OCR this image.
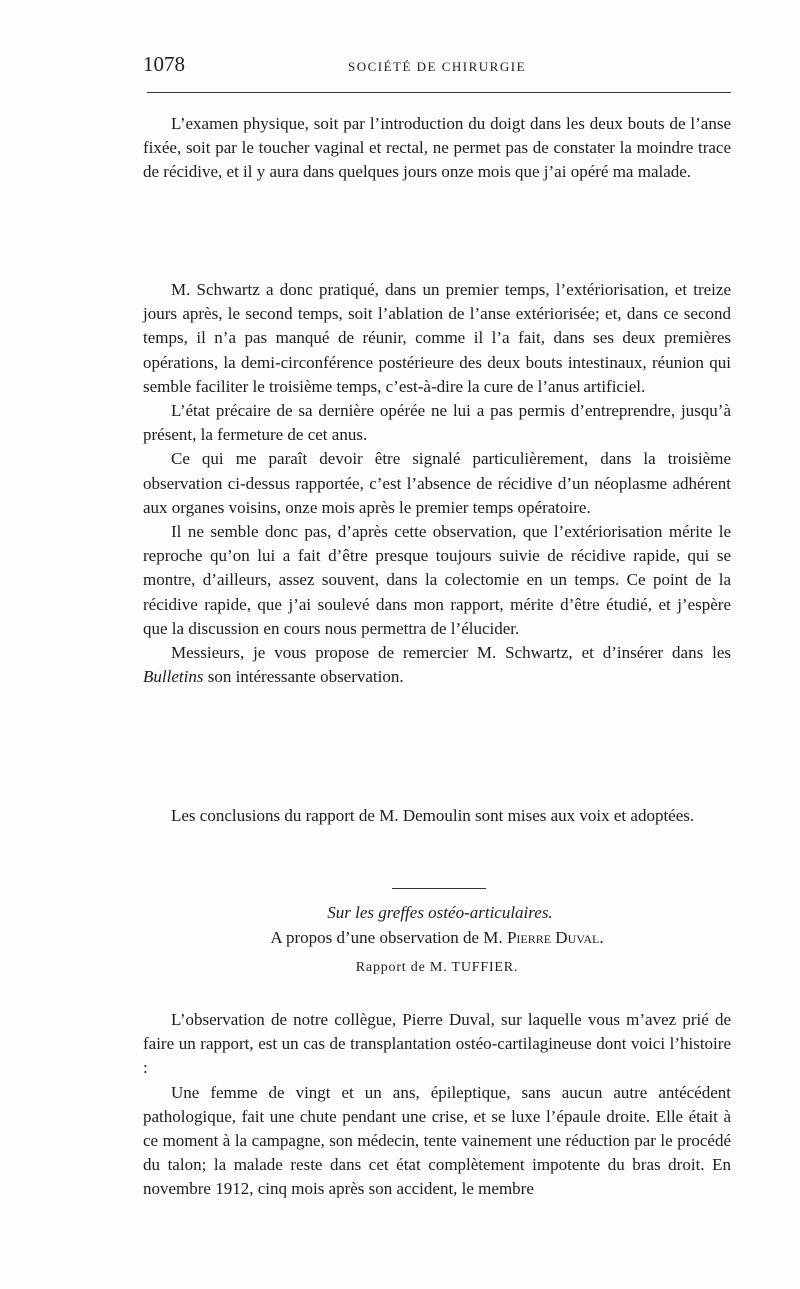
1078	SOCIÉTÉ DE CHIRURGIE

L’examen physique, soit par l’introduction du doigt dans les deux bouts de l’anse fixée, soit par le toucher vaginal et rectal, ne permet pas de constater la moindre trace de récidive, et il y aura dans quelques jours onze mois que j’ai opéré ma malade.

M. Schwartz a donc pratiqué, dans un premier temps, l’extériorisation, et treize jours après, le second temps, soit l’ablation de l’anse extériorisée; et, dans ce second temps, il n’a pas manqué de réunir, comme il l’a fait, dans ses deux premières opérations, la demi-circonférence postérieure des deux bouts intestinaux, réunion qui semble faciliter le troisième temps, c’est-à-dire la cure de l’anus artificiel.

L’état précaire de sa dernière opérée ne lui a pas permis d’entreprendre, jusqu’à présent, la fermeture de cet anus.

Ce qui me paraît devoir être signalé particulièrement, dans la troisième observation ci-dessus rapportée, c’est l’absence de récidive d’un néoplasme adhérent aux organes voisins, onze mois après le premier temps opératoire.

Il ne semble donc pas, d’après cette observation, que l’extériorisation mérite le reproche qu’on lui a fait d’être presque toujours suivie de récidive rapide, qui se montre, d’ailleurs, assez souvent, dans la colectomie en un temps. Ce point de la récidive rapide, que j’ai soulevé dans mon rapport, mérite d’être étudié, et j’espère que la discussion en cours nous permettra de l’élucider.

Messieurs, je vous propose de remercier M. Schwartz, et d’insérer dans les Bulletins son intéressante observation.

Les conclusions du rapport de M. Demoulin sont mises aux voix et adoptées.

Sur les greffes ostéo-articulaires.
A propos d’une observation de M. Pierre Duval.
Rapport de M. TUFFIER.

L’observation de notre collègue, Pierre Duval, sur laquelle vous m’avez prié de faire un rapport, est un cas de transplantation ostéo-cartilagineuse dont voici l’histoire :

Une femme de vingt et un ans, épileptique, sans aucun autre antécédent pathologique, fait une chute pendant une crise, et se luxe l’épaule droite. Elle était à ce moment à la campagne, son médecin, tente vainement une réduction par le procédé du talon; la malade reste dans cet état complètement impotente du bras droit. En novembre 1912, cinq mois après son accident, le membre
